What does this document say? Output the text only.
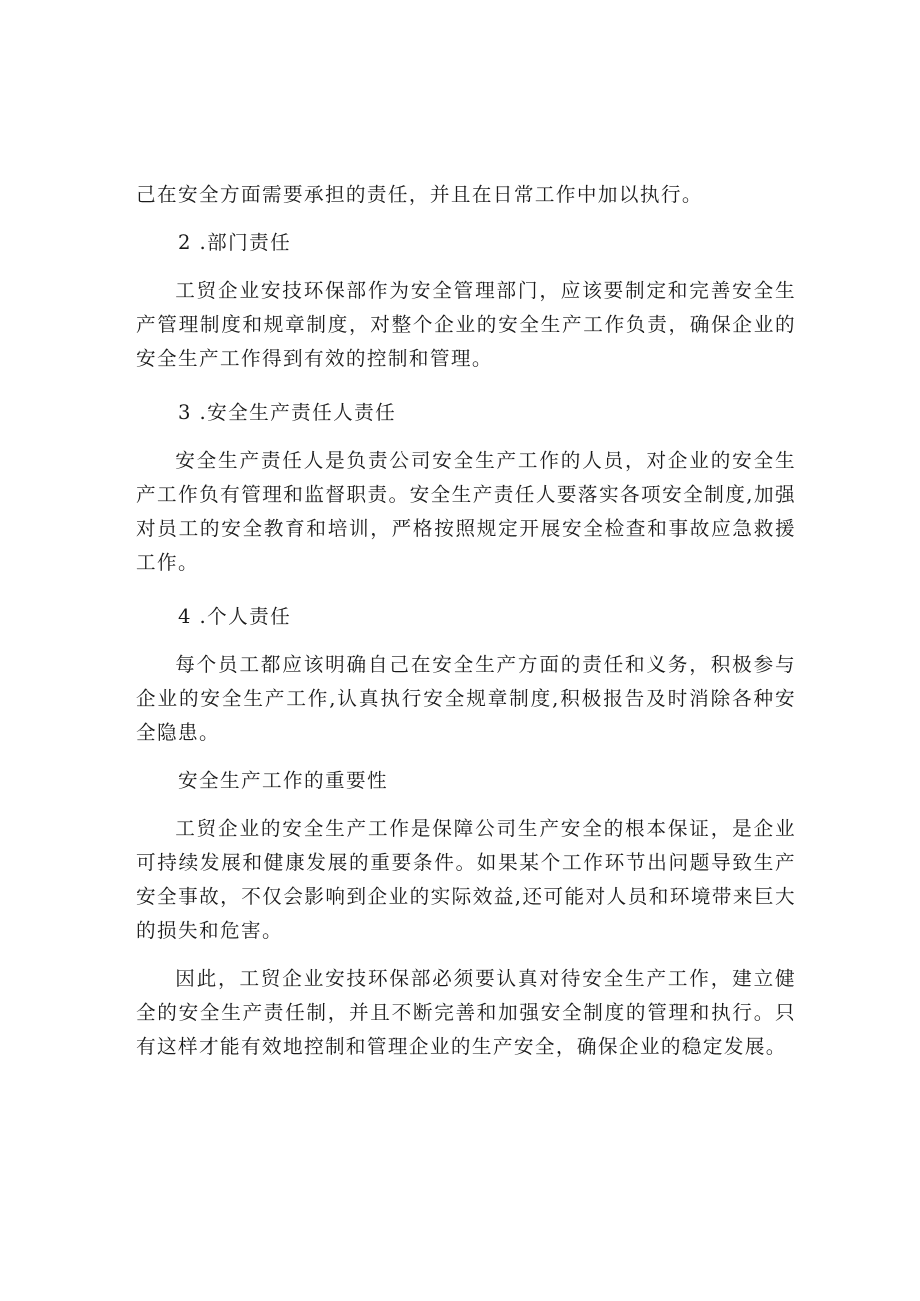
己在安全方面需要承担的责任，并且在日常工作中加以执行。

2 .部门责任

工贸企业安技环保部作为安全管理部门，应该要制定和完善安全生产管理制度和规章制度，对整个企业的安全生产工作负责，确保企业的安全生产工作得到有效的控制和管理。

3 .安全生产责任人责任

安全生产责任人是负责公司安全生产工作的人员，对企业的安全生产工作负有管理和监督职责。安全生产责任人要落实各项安全制度,加强对员工的安全教育和培训，严格按照规定开展安全检查和事故应急救援工作。

4 .个人责任

每个员工都应该明确自己在安全生产方面的责任和义务，积极参与企业的安全生产工作,认真执行安全规章制度,积极报告及时消除各种安全隐患。

安全生产工作的重要性

工贸企业的安全生产工作是保障公司生产安全的根本保证，是企业可持续发展和健康发展的重要条件。如果某个工作环节出问题导致生产安全事故，不仅会影响到企业的实际效益,还可能对人员和环境带来巨大的损失和危害。

因此，工贸企业安技环保部必须要认真对待安全生产工作，建立健全的安全生产责任制，并且不断完善和加强安全制度的管理和执行。只有这样才能有效地控制和管理企业的生产安全，确保企业的稳定发展。
